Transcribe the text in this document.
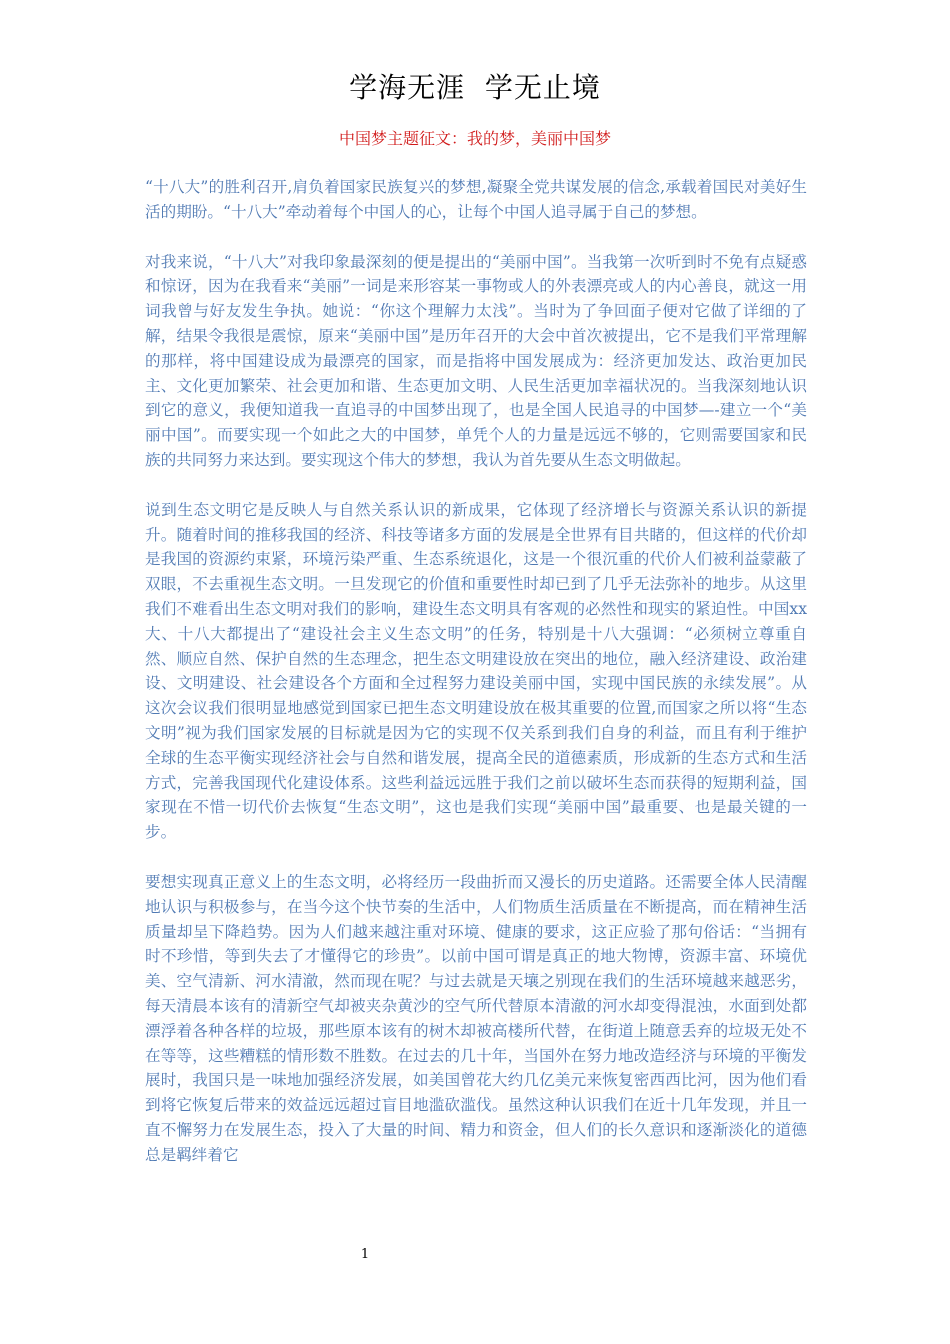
学海无涯  学无止境
中国梦主题征文：我的梦，美丽中国梦

“十八大”的胜利召开,肩负着国家民族复兴的梦想,凝聚全党共谋发展的信念,承载着国民对美好生活的期盼。“十八大”牵动着每个中国人的心，让每个中国人追寻属于自己的梦想。

对我来说，“十八大”对我印象最深刻的便是提出的“美丽中国”。当我第一次听到时不免有点疑惑和惊讶，因为在我看来“美丽”一词是来形容某一事物或人的外表漂亮或人的内心善良，就这一用词我曾与好友发生争执。她说：“你这个理解力太浅”。当时为了争回面子便对它做了详细的了解，结果令我很是震惊，原来“美丽中国”是历年召开的大会中首次被提出，它不是我们平常理解的那样，将中国建设成为最漂亮的国家，而是指将中国发展成为：经济更加发达、政治更加民主、文化更加繁荣、社会更加和谐、生态更加文明、人民生活更加幸福状况的。当我深刻地认识到它的意义，我便知道我一直追寻的中国梦出现了，也是全国人民追寻的中国梦—-建立一个“美丽中国”。而要实现一个如此之大的中国梦，单凭个人的力量是远远不够的，它则需要国家和民族的共同努力来达到。要实现这个伟大的梦想，我认为首先要从生态文明做起。

说到生态文明它是反映人与自然关系认识的新成果，它体现了经济增长与资源关系认识的新提升。随着时间的推移我国的经济、科技等诸多方面的发展是全世界有目共睹的，但这样的代价却是我国的资源约束紧，环境污染严重、生态系统退化，这是一个很沉重的代价人们被利益蒙蔽了双眼，不去重视生态文明。一旦发现它的价值和重要性时却已到了几乎无法弥补的地步。从这里我们不难看出生态文明对我们的影响，建设生态文明具有客观的必然性和现实的紧迫性。中国xx大、十八大都提出了“建设社会主义生态文明”的任务，特别是十八大强调：“必须树立尊重自然、顺应自然、保护自然的生态理念，把生态文明建设放在突出的地位，融入经济建设、政治建设、文明建设、社会建设各个方面和全过程努力建设美丽中国，实现中国民族的永续发展”。从这次会议我们很明显地感觉到国家已把生态文明建设放在极其重要的位置,而国家之所以将“生态文明”视为我们国家发展的目标就是因为它的实现不仅关系到我们自身的利益，而且有利于维护全球的生态平衡实现经济社会与自然和谐发展，提高全民的道德素质，形成新的生态方式和生活方式，完善我国现代化建设体系。这些利益远远胜于我们之前以破坏生态而获得的短期利益，国家现在不惜一切代价去恢复“生态文明”，这也是我们实现“美丽中国”最重要、也是最关键的一步。

要想实现真正意义上的生态文明，必将经历一段曲折而又漫长的历史道路。还需要全体人民清醒地认识与积极参与，在当今这个快节奏的生活中，人们物质生活质量在不断提高，而在精神生活质量却呈下降趋势。因为人们越来越注重对环境、健康的要求，这正应验了那句俗话：“当拥有时不珍惜，等到失去了才懂得它的珍贵”。以前中国可谓是真正的地大物博，资源丰富、环境优美、空气清新、河水清澈，然而现在呢？与过去就是天壤之别现在我们的生活环境越来越恶劣，每天清晨本该有的清新空气却被夹杂黄沙的空气所代替原本清澈的河水却变得混浊，水面到处都漂浮着各种各样的垃圾，那些原本该有的树木却被高楼所代替，在街道上随意丢弃的垃圾无处不在等等，这些糟糕的情形数不胜数。在过去的几十年，当国外在努力地改造经济与环境的平衡发展时，我国只是一味地加强经济发展，如美国曾花大约几亿美元来恢复密西西比河，因为他们看到将它恢复后带来的效益远远超过盲目地滥砍滥伐。虽然这种认识我们在近十几年发现，并且一直不懈努力在发展生态，投入了大量的时间、精力和资金，但人们的长久意识和逐渐淡化的道德总是羁绊着它

1
